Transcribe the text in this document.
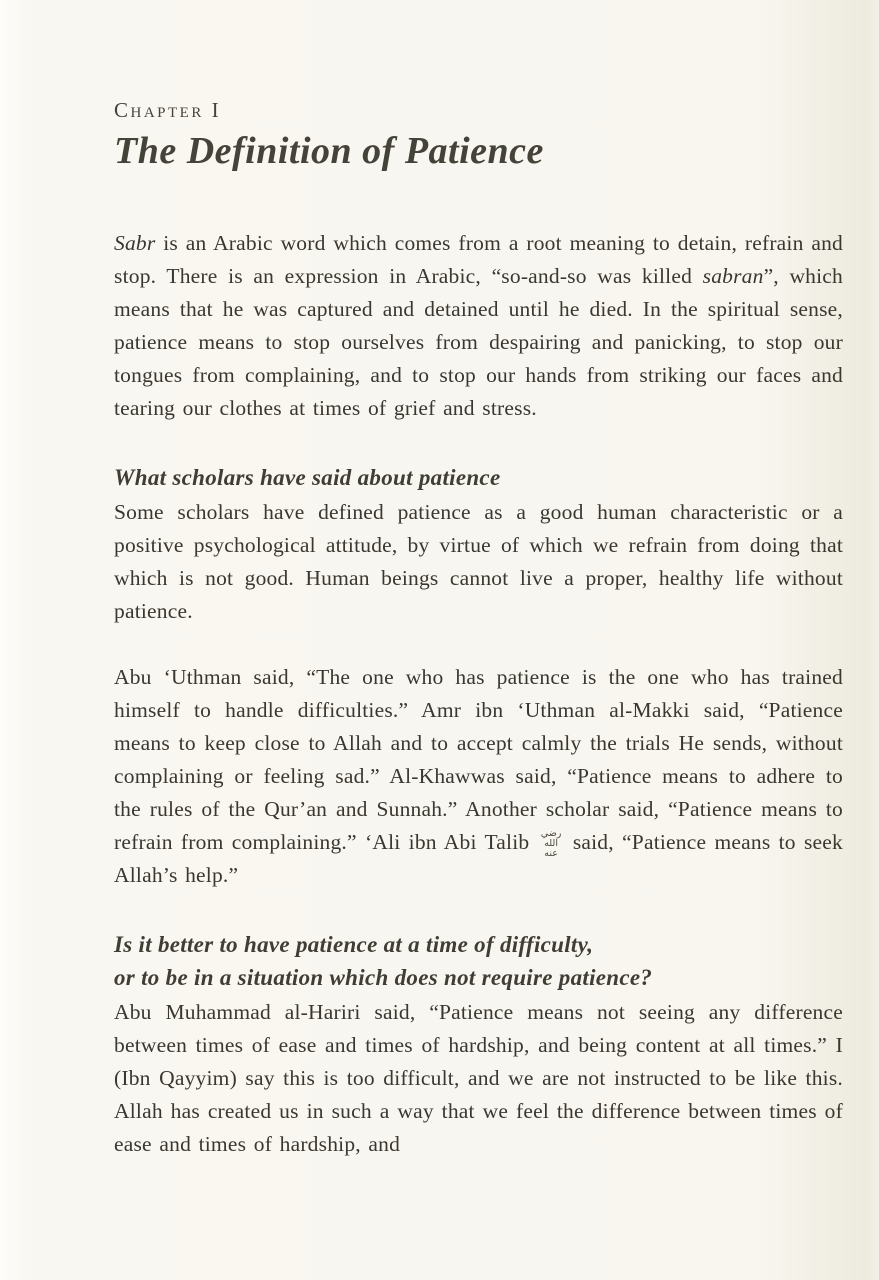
Chapter I
The Definition of Patience

Sabr is an Arabic word which comes from a root meaning to detain, refrain and stop. There is an expression in Arabic, “so-and-so was killed sabran”, which means that he was captured and detained until he died. In the spiritual sense, patience means to stop ourselves from despairing and panicking, to stop our tongues from complaining, and to stop our hands from striking our faces and tearing our clothes at times of grief and stress.

What scholars have said about patience

Some scholars have defined patience as a good human characteristic or a positive psychological attitude, by virtue of which we refrain from doing that which is not good. Human beings cannot live a proper, healthy life without patience.

Abu ‘Uthman said, “The one who has patience is the one who has trained himself to handle difficulties.” Amr ibn ‘Uthman al-Makki said, “Patience means to keep close to Allah and to accept calmly the trials He sends, without complaining or feeling sad.” Al-Khawwas said, “Patience means to adhere to the rules of the Qur’an and Sunnah.” Another scholar said, “Patience means to refrain from complaining.” ‘Ali ibn Abi Talib رضي الله عنه said, “Patience means to seek Allah’s help.”

Is it better to have patience at a time of difficulty,
or to be in a situation which does not require patience?

Abu Muhammad al-Hariri said, “Patience means not seeing any difference between times of ease and times of hardship, and being content at all times.” I (Ibn Qayyim) say this is too difficult, and we are not instructed to be like this. Allah has created us in such a way that we feel the difference between times of ease and times of hardship, and
